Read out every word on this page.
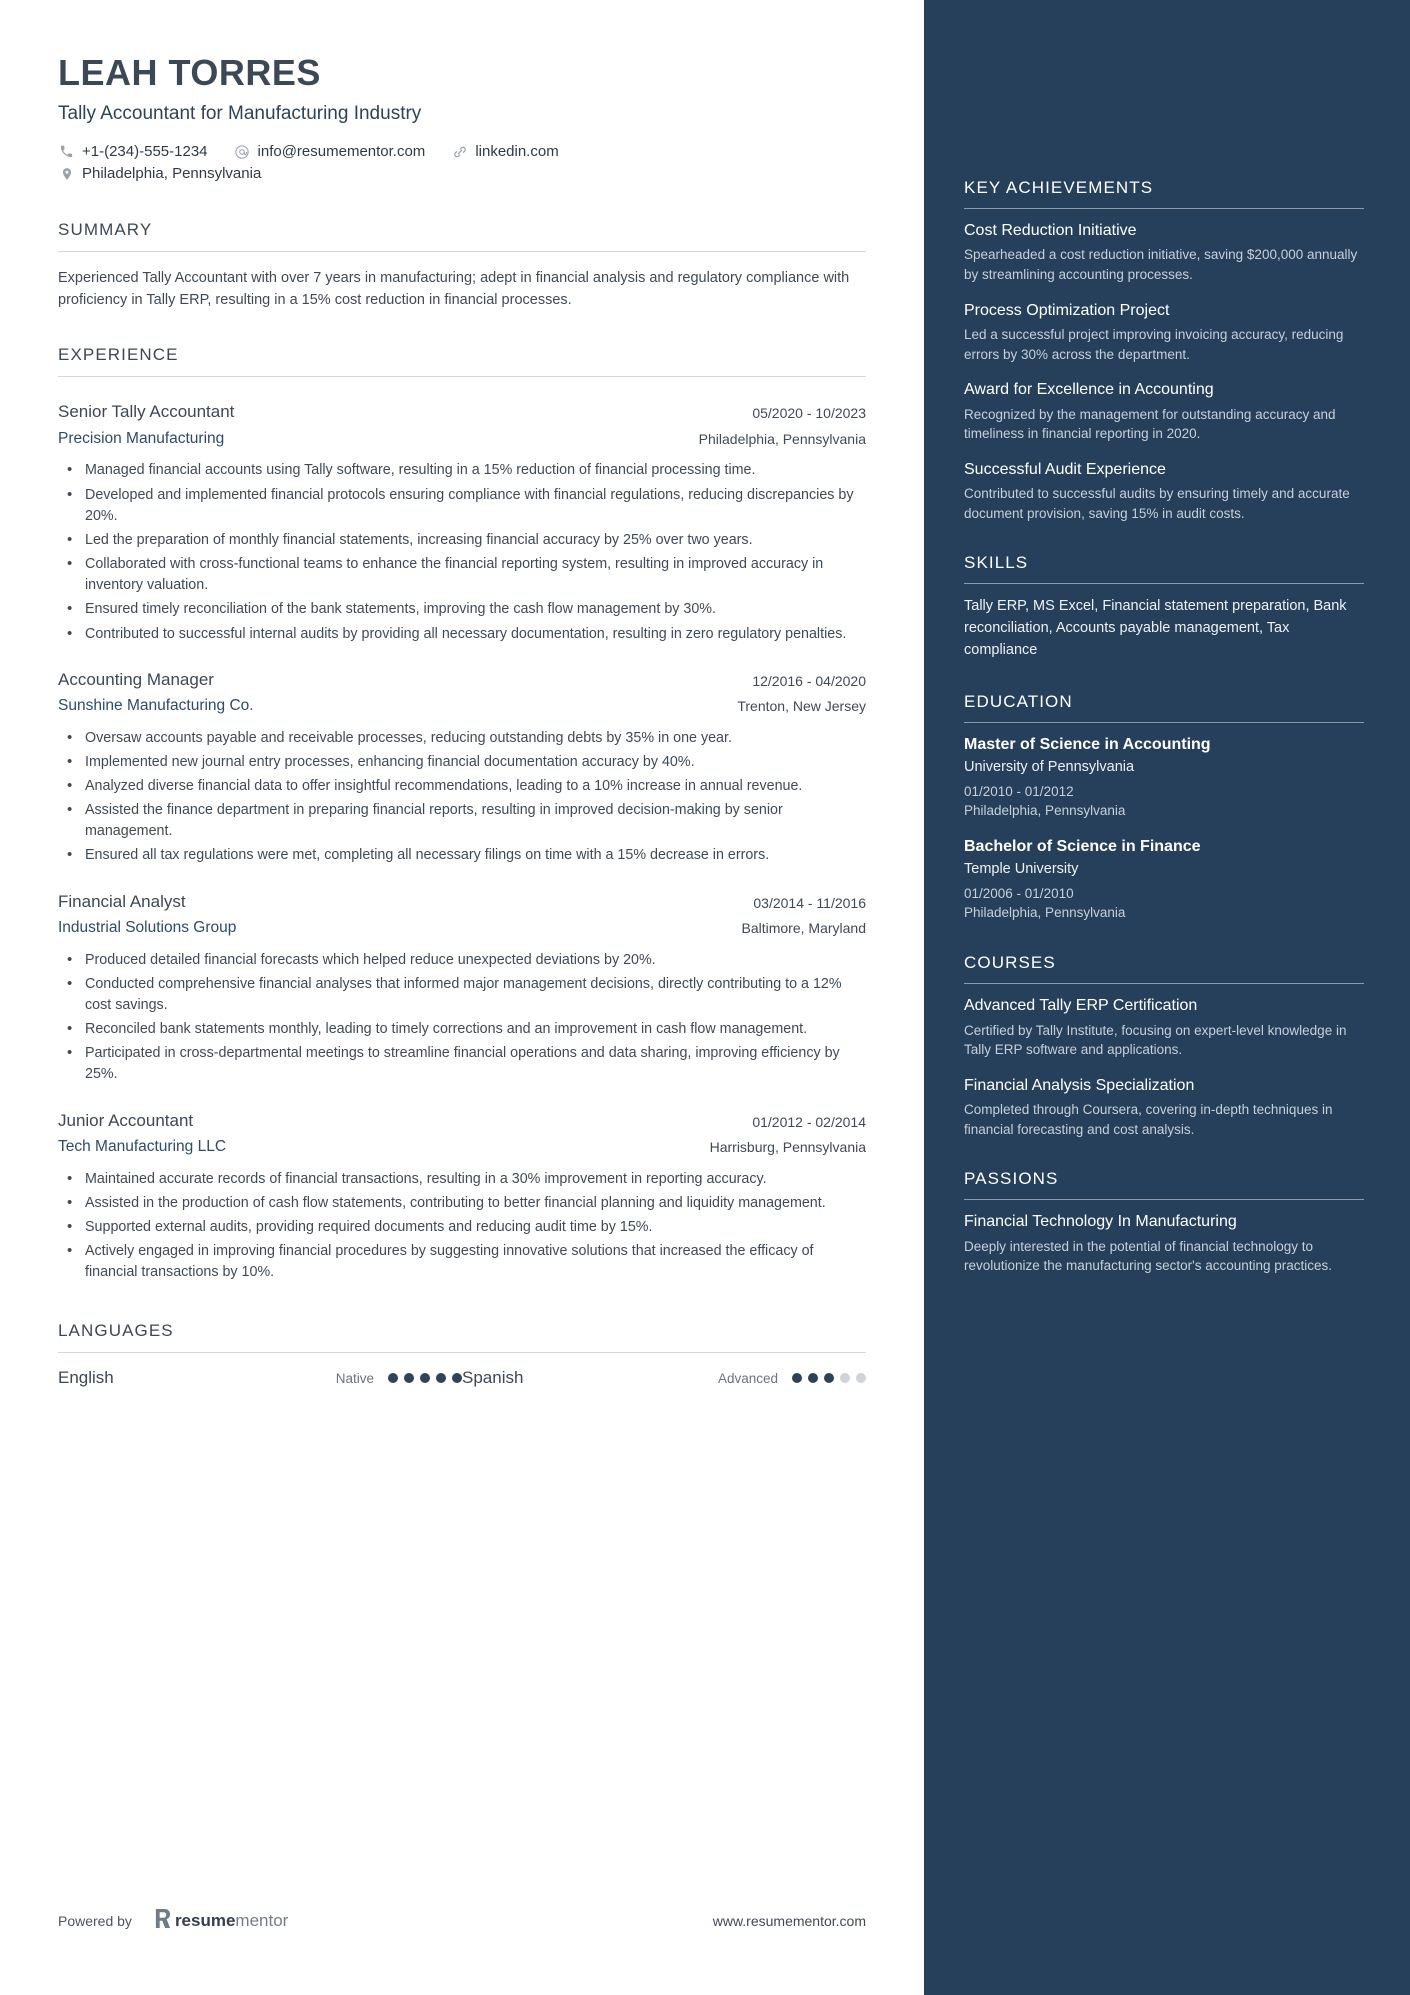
LEAH TORRES
Tally Accountant for Manufacturing Industry
+1-(234)-555-1234	info@resumementor.com	linkedin.com
Philadelphia, Pennsylvania
SUMMARY
Experienced Tally Accountant with over 7 years in manufacturing; adept in financial analysis and regulatory compliance with proficiency in Tally ERP, resulting in a 15% cost reduction in financial processes.
EXPERIENCE
Senior Tally Accountant	05/2020 - 10/2023
Precision Manufacturing	Philadelphia, Pennsylvania
• Managed financial accounts using Tally software, resulting in a 15% reduction of financial processing time.
• Developed and implemented financial protocols ensuring compliance with financial regulations, reducing discrepancies by 20%.
• Led the preparation of monthly financial statements, increasing financial accuracy by 25% over two years.
• Collaborated with cross-functional teams to enhance the financial reporting system, resulting in improved accuracy in inventory valuation.
• Ensured timely reconciliation of the bank statements, improving the cash flow management by 30%.
• Contributed to successful internal audits by providing all necessary documentation, resulting in zero regulatory penalties.
Accounting Manager	12/2016 - 04/2020
Sunshine Manufacturing Co.	Trenton, New Jersey
• Oversaw accounts payable and receivable processes, reducing outstanding debts by 35% in one year.
• Implemented new journal entry processes, enhancing financial documentation accuracy by 40%.
• Analyzed diverse financial data to offer insightful recommendations, leading to a 10% increase in annual revenue.
• Assisted the finance department in preparing financial reports, resulting in improved decision-making by senior management.
• Ensured all tax regulations were met, completing all necessary filings on time with a 15% decrease in errors.
Financial Analyst	03/2014 - 11/2016
Industrial Solutions Group	Baltimore, Maryland
• Produced detailed financial forecasts which helped reduce unexpected deviations by 20%.
• Conducted comprehensive financial analyses that informed major management decisions, directly contributing to a 12% cost savings.
• Reconciled bank statements monthly, leading to timely corrections and an improvement in cash flow management.
• Participated in cross-departmental meetings to streamline financial operations and data sharing, improving efficiency by 25%.
Junior Accountant	01/2012 - 02/2014
Tech Manufacturing LLC	Harrisburg, Pennsylvania
• Maintained accurate records of financial transactions, resulting in a 30% improvement in reporting accuracy.
• Assisted in the production of cash flow statements, contributing to better financial planning and liquidity management.
• Supported external audits, providing required documents and reducing audit time by 15%.
• Actively engaged in improving financial procedures by suggesting innovative solutions that increased the efficacy of financial transactions by 10%.
LANGUAGES
English	Native	Spanish	Advanced
Powered by	resume mentor	www.resumementor.com
KEY ACHIEVEMENTS
Cost Reduction Initiative
Spearheaded a cost reduction initiative, saving $200,000 annually by streamlining accounting processes.
Process Optimization Project
Led a successful project improving invoicing accuracy, reducing errors by 30% across the department.
Award for Excellence in Accounting
Recognized by the management for outstanding accuracy and timeliness in financial reporting in 2020.
Successful Audit Experience
Contributed to successful audits by ensuring timely and accurate document provision, saving 15% in audit costs.
SKILLS
Tally ERP, MS Excel, Financial statement preparation, Bank reconciliation, Accounts payable management, Tax compliance
EDUCATION
Master of Science in Accounting
University of Pennsylvania
01/2010 - 01/2012
Philadelphia, Pennsylvania
Bachelor of Science in Finance
Temple University
01/2006 - 01/2010
Philadelphia, Pennsylvania
COURSES
Advanced Tally ERP Certification
Certified by Tally Institute, focusing on expert-level knowledge in Tally ERP software and applications.
Financial Analysis Specialization
Completed through Coursera, covering in-depth techniques in financial forecasting and cost analysis.
PASSIONS
Financial Technology In Manufacturing
Deeply interested in the potential of financial technology to revolutionize the manufacturing sector's accounting practices.
